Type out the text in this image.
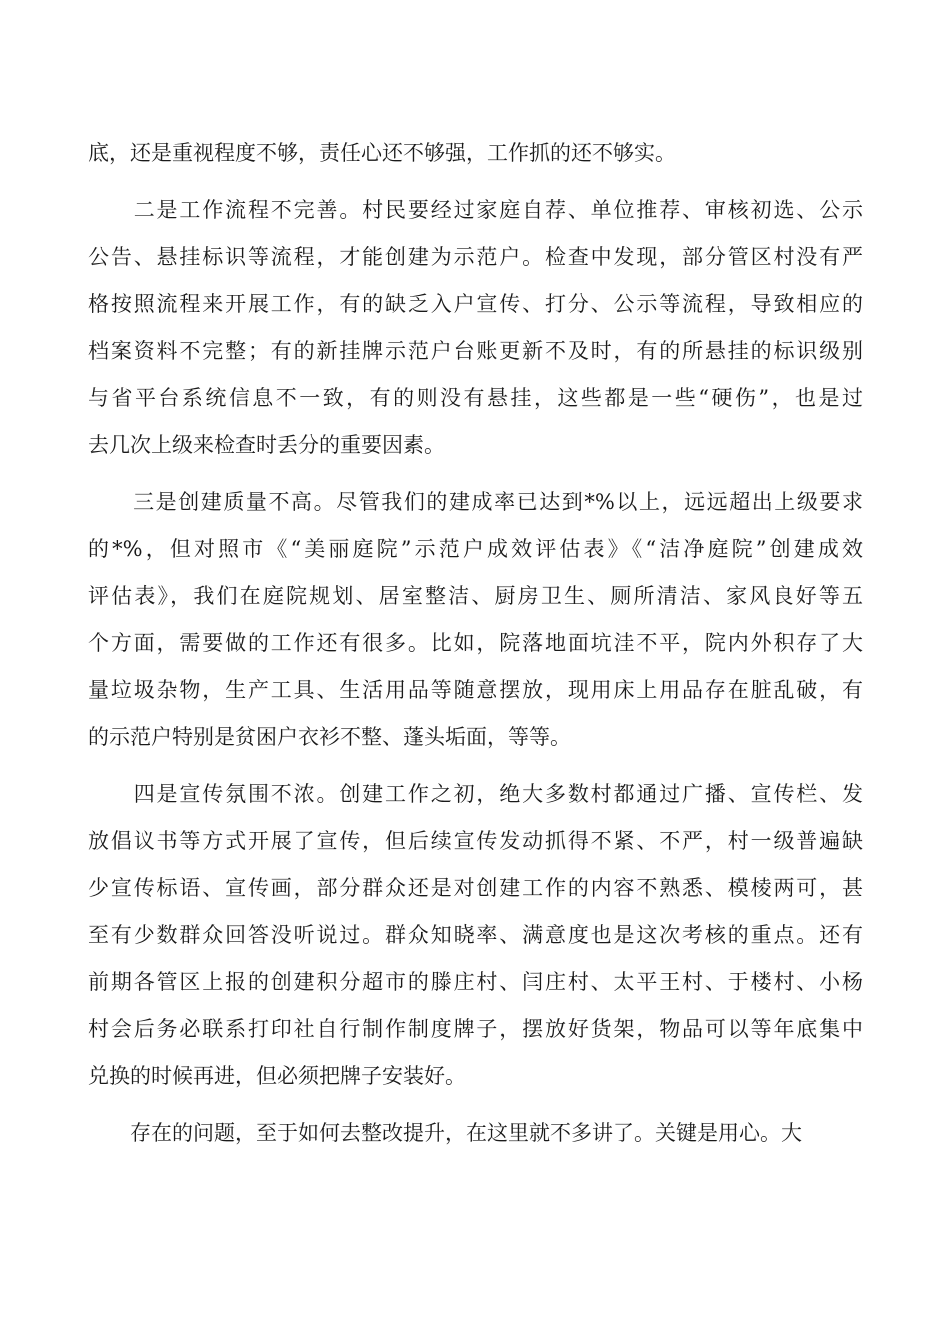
底，还是重视程度不够，责任心还不够强，工作抓的还不够实。
　　二是工作流程不完善。村民要经过家庭自荐、单位推荐、审核初选、公示
公告、悬挂标识等流程，才能创建为示范户。检查中发现，部分管区村没有严
格按照流程来开展工作，有的缺乏入户宣传、打分、公示等流程，导致相应的
档案资料不完整；有的新挂牌示范户台账更新不及时，有的所悬挂的标识级别
与省平台系统信息不一致，有的则没有悬挂，这些都是一些“硬伤”，也是过
去几次上级来检查时丢分的重要因素。
　　三是创建质量不高。尽管我们的建成率已达到*%以上，远远超出上级要求
的*%，但对照市《“美丽庭院”示范户成效评估表》《“洁净庭院”创建成效
评估表》，我们在庭院规划、居室整洁、厨房卫生、厕所清洁、家风良好等五
个方面，需要做的工作还有很多。比如，院落地面坑洼不平，院内外积存了大
量垃圾杂物，生产工具、生活用品等随意摆放，现用床上用品存在脏乱破，有
的示范户特别是贫困户衣衫不整、蓬头垢面，等等。
　　四是宣传氛围不浓。创建工作之初，绝大多数村都通过广播、宣传栏、发
放倡议书等方式开展了宣传，但后续宣传发动抓得不紧、不严，村一级普遍缺
少宣传标语、宣传画，部分群众还是对创建工作的内容不熟悉、模棱两可，甚
至有少数群众回答没听说过。群众知晓率、满意度也是这次考核的重点。还有
前期各管区上报的创建积分超市的滕庄村、闫庄村、太平王村、于楼村、小杨
村会后务必联系打印社自行制作制度牌子，摆放好货架，物品可以等年底集中
兑换的时候再进，但必须把牌子安装好。
　　存在的问题，至于如何去整改提升，在这里就不多讲了。关键是用心。大
